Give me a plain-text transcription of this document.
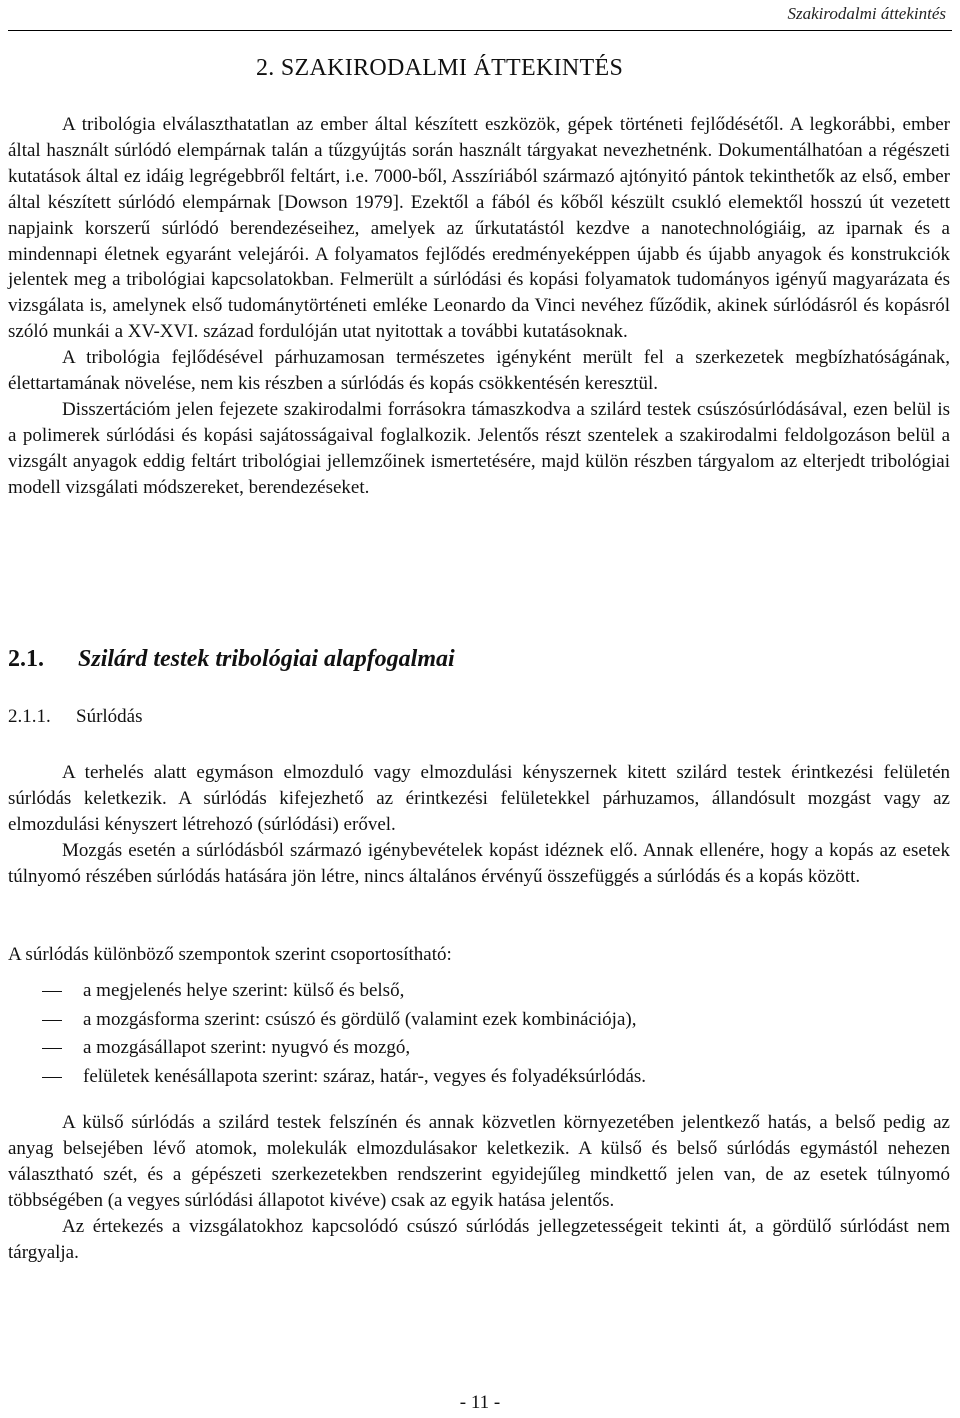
Szakirodalmi áttekintés
2. SZAKIRODALMI ÁTTEKINTÉS

A tribológia elválaszthatatlan az ember által készített eszközök, gépek történeti fejlődésétől. A legkorábbi, ember által használt súrlódó elempárnak talán a tűzgyújtás során használt tárgyakat nevezhetnénk. Dokumentálhatóan a régészeti kutatások által ez idáig legrégebbről feltárt, i.e. 7000-ből, Asszíriából származó ajtónyitó pántok tekinthetők az első, ember által készített súrlódó elempárnak [Dowson 1979]. Ezektől a fából és kőből készült csukló elemektől hosszú út vezetett napjaink korszerű súrlódó berendezéseihez, amelyek az űrkutatástól kezdve a nanotechnológiáig, az iparnak és a mindennapi életnek egyaránt velejárói. A folyamatos fejlődés eredményeképpen újabb és újabb anyagok és konstrukciók jelentek meg a tribológiai kapcsolatokban. Felmerült a súrlódási és kopási folyamatok tudományos igényű magyarázata és vizsgálata is, amelynek első tudománytörténeti emléke Leonardo da Vinci nevéhez fűződik, akinek súrlódásról és kopásról szóló munkái a XV-XVI. század fordulóján utat nyitottak a további kutatásoknak.

A tribológia fejlődésével párhuzamosan természetes igényként merült fel a szerkezetek megbízhatóságának, élettartamának növelése, nem kis részben a súrlódás és kopás csökkentésén keresztül.

Disszertációm jelen fejezete szakirodalmi forrásokra támaszkodva a szilárd testek csúszósúrlódásával, ezen belül is a polimerek súrlódási és kopási sajátosságaival foglalkozik. Jelentős részt szentelek a szakirodalmi feldolgozáson belül a vizsgált anyagok eddig feltárt tribológiai jellemzőinek ismertetésére, majd külön részben tárgyalom az elterjedt tribológiai modell vizsgálati módszereket, berendezéseket.

2.1. Szilárd testek tribológiai alapfogalmai
2.1.1. Súrlódás

A terhelés alatt egymáson elmozduló vagy elmozdulási kényszernek kitett szilárd testek érintkezési felületén súrlódás keletkezik. A súrlódás kifejezhető az érintkezési felületekkel párhuzamos, állandósult mozgást vagy az elmozdulási kényszert létrehozó (súrlódási) erővel.

Mozgás esetén a súrlódásból származó igénybevételek kopást idéznek elő. Annak ellenére, hogy a kopás az esetek túlnyomó részében súrlódás hatására jön létre, nincs általános érvényű összefüggés a súrlódás és a kopás között.

A súrlódás különböző szempontok szerint csoportosítható:
a megjelenés helye szerint: külső és belső,
a mozgásforma szerint: csúszó és gördülő (valamint ezek kombinációja),
a mozgásállapot szerint: nyugvó és mozgó,
felületek kenésállapota szerint: száraz, határ-, vegyes és folyadéksúrlódás.

A külső súrlódás a szilárd testek felszínén és annak közvetlen környezetében jelentkező hatás, a belső pedig az anyag belsejében lévő atomok, molekulák elmozdulásakor keletkezik. A külső és belső súrlódás egymástól nehezen választható szét, és a gépészeti szerkezetekben rendszerint egyidejűleg mindkettő jelen van, de az esetek túlnyomó többségében (a vegyes súrlódási állapotot kivéve) csak az egyik hatása jelentős.

Az értekezés a vizsgálatokhoz kapcsolódó csúszó súrlódás jellegzetességeit tekinti át, a gördülő súrlódást nem tárgyalja.

- 11 -
